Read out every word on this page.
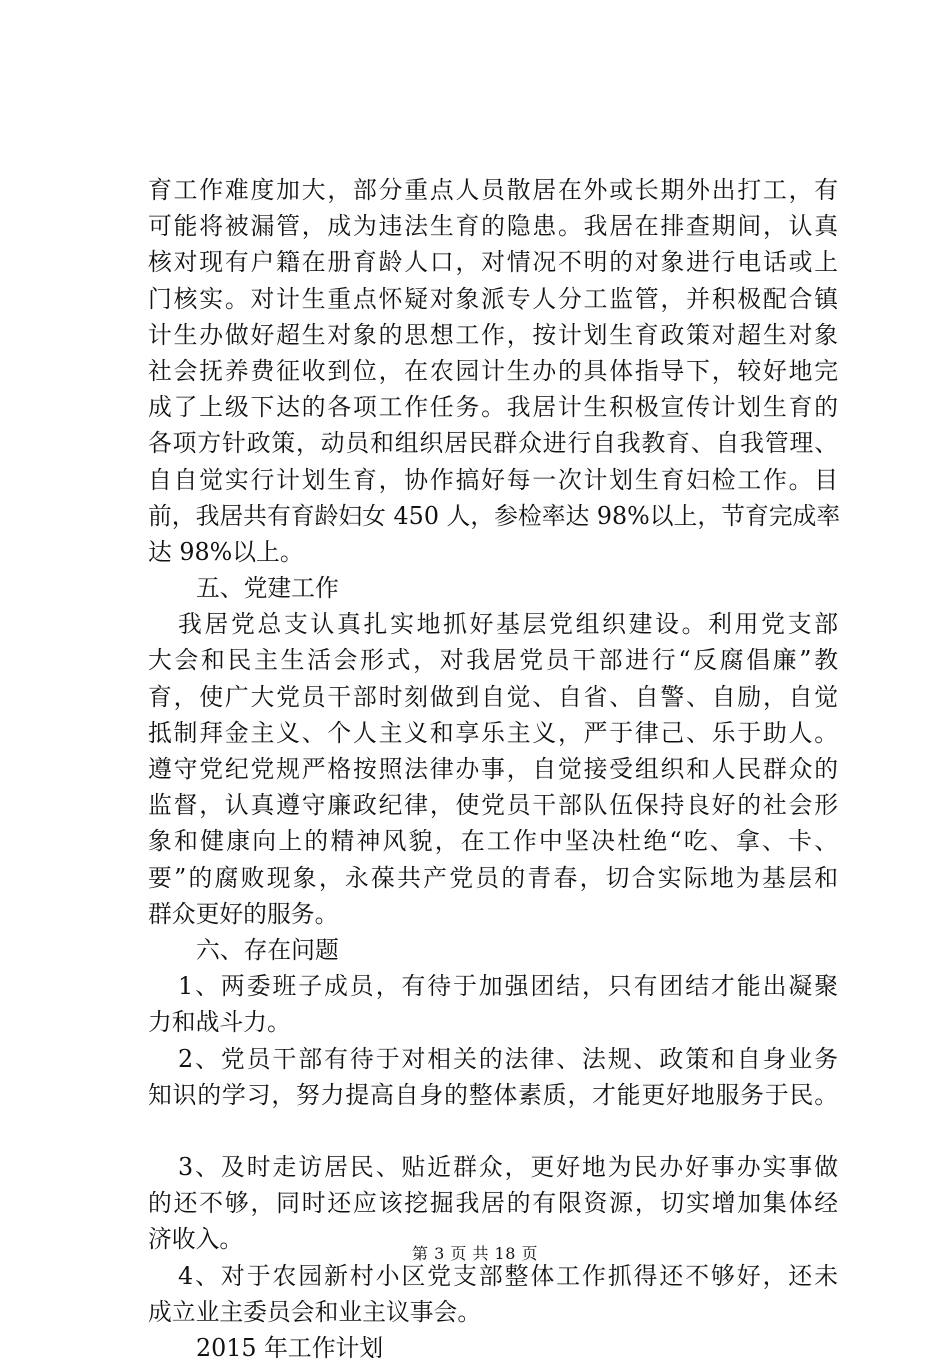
育工作难度加大，部分重点人员散居在外或长期外出打工，有
可能将被漏管，成为违法生育的隐患。我居在排查期间，认真
核对现有户籍在册育龄人口，对情况不明的对象进行电话或上
门核实。对计生重点怀疑对象派专人分工监管，并积极配合镇
计生办做好超生对象的思想工作，按计划生育政策对超生对象
社会抚养费征收到位，在农园计生办的具体指导下，较好地完
成了上级下达的各项工作任务。我居计生积极宣传计划生育的
各项方针政策，动员和组织居民群众进行自我教育、自我管理、
自自觉实行计划生育，协作搞好每一次计划生育妇检工作。目
前，我居共有育龄妇女 450 人，参检率达 98%以上，节育完成率
达 98%以上。
五、党建工作
我居党总支认真扎实地抓好基层党组织建设。利用党支部
大会和民主生活会形式，对我居党员干部进行“反腐倡廉”教
育，使广大党员干部时刻做到自觉、自省、自警、自励，自觉
抵制拜金主义、个人主义和享乐主义，严于律己、乐于助人。
遵守党纪党规严格按照法律办事，自觉接受组织和人民群众的
监督，认真遵守廉政纪律，使党员干部队伍保持良好的社会形
象和健康向上的精神风貌，在工作中坚决杜绝“吃、拿、卡、
要”的腐败现象，永葆共产党员的青春，切合实际地为基层和
群众更好的服务。
六、存在问题
1、两委班子成员，有待于加强团结，只有团结才能出凝聚
力和战斗力。
2、党员干部有待于对相关的法律、法规、政策和自身业务
知识的学习，努力提高自身的整体素质，才能更好地服务于民。
3、及时走访居民、贴近群众，更好地为民办好事办实事做
的还不够，同时还应该挖掘我居的有限资源，切实增加集体经
济收入。
4、对于农园新村小区党支部整体工作抓得还不够好，还未
成立业主委员会和业主议事会。
2015 年工作计划
第 3 页 共 18 页
